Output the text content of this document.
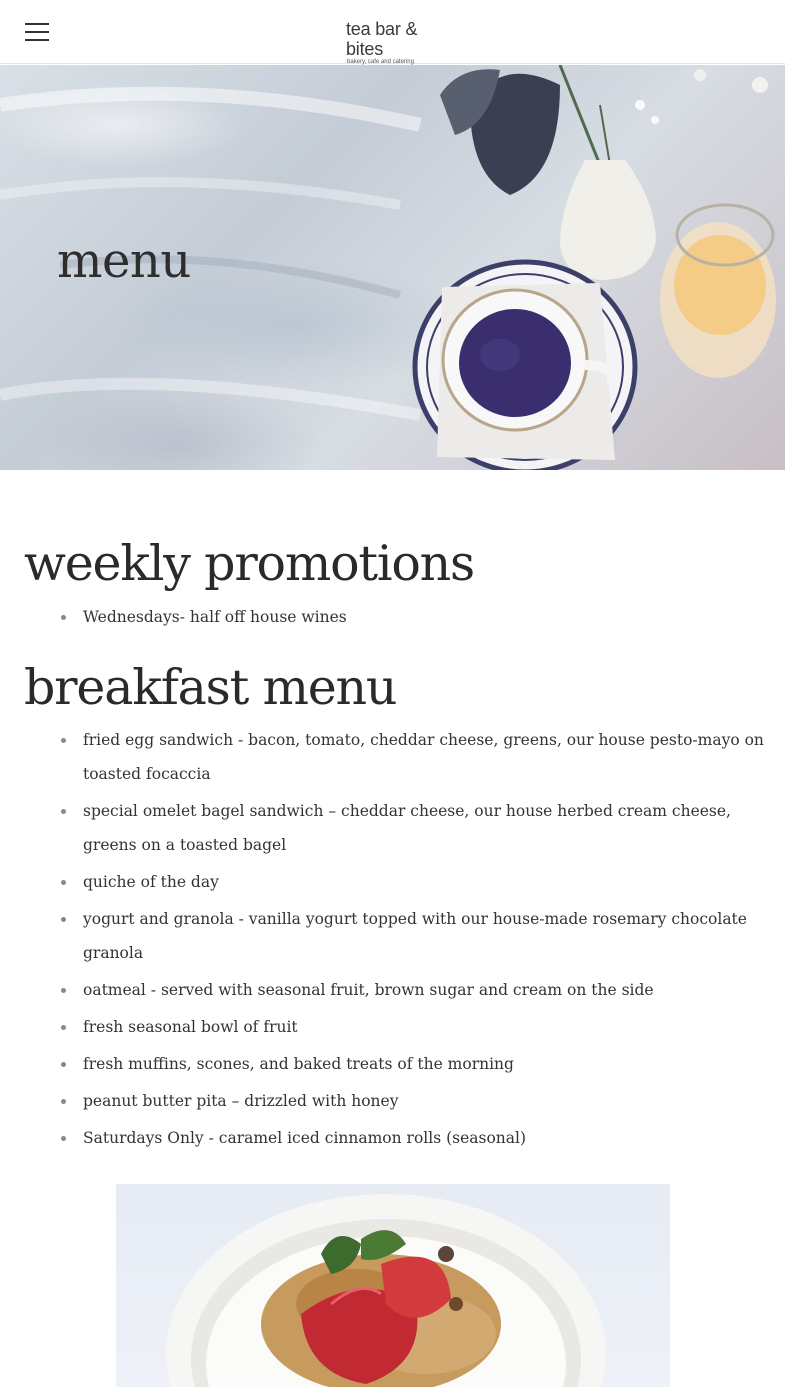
tea bar & bites
bakery, cafe and catering
menu
weekly promotions
Wednesdays- half off house wines
breakfast menu
fried egg sandwich - bacon, tomato, cheddar cheese, greens, our house pesto-mayo on toasted focaccia
special omelet bagel sandwich – cheddar cheese, our house herbed cream cheese, greens on a toasted bagel
quiche of the day
yogurt and granola - vanilla yogurt topped with our house-made rosemary chocolate granola
oatmeal - served with seasonal fruit, brown sugar and cream on the side
fresh seasonal bowl of fruit
fresh muffins, scones, and baked treats of the morning
peanut butter pita – drizzled with honey
Saturdays Only - caramel iced cinnamon rolls (seasonal)
